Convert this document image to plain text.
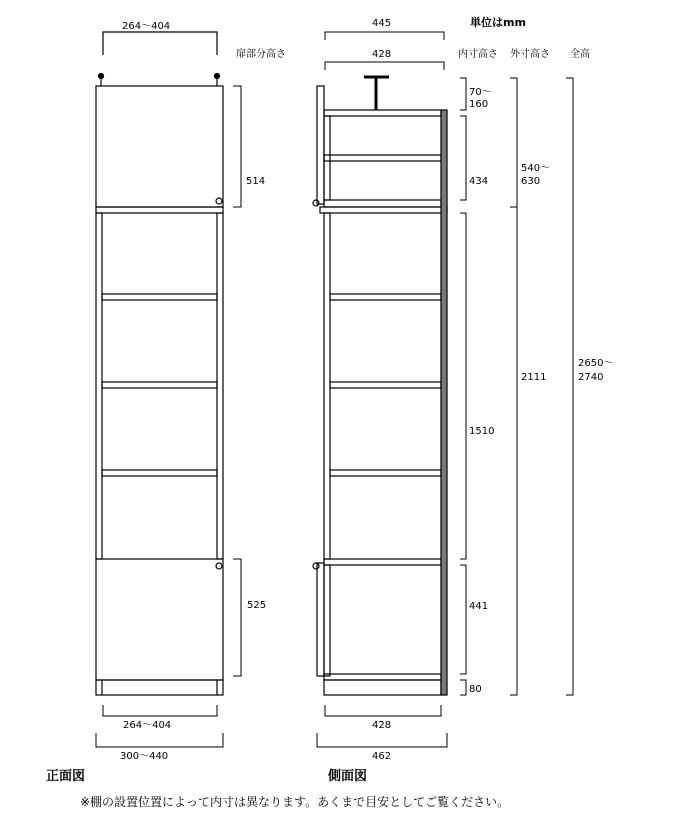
264～404
扉部分高さ
514
525
264～404
300～440
正面図
445
428
単位はmm
内寸高さ 外寸高さ 全高
70～
160
434
1510
441
80
540～
630
2111
2650～
2740
428
462
側面図
※棚の設置位置によって内寸は異なります。あくまで目安としてご覧ください。
